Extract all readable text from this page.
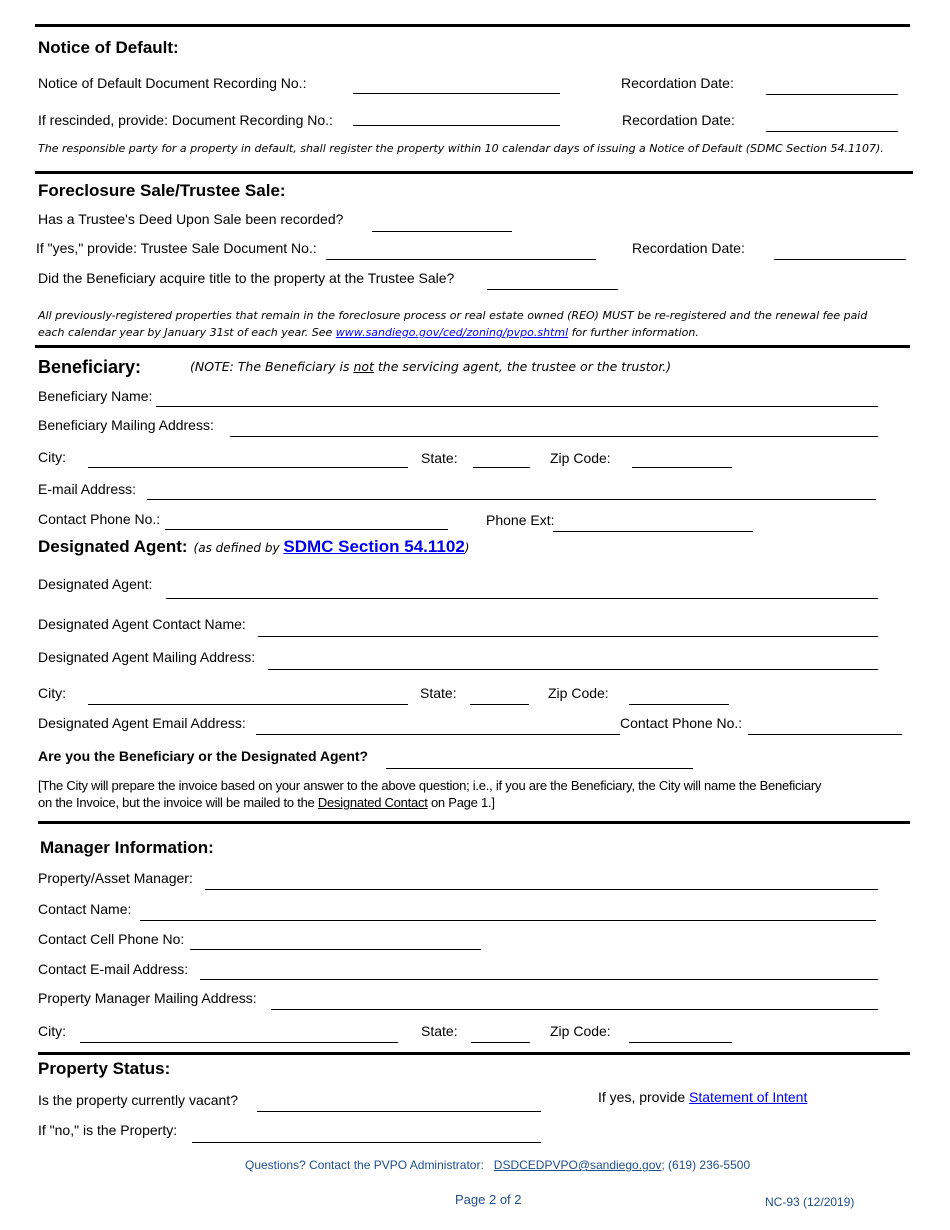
Notice of Default:
Notice of Default Document Recording No.:	Recordation Date:
If rescinded, provide: Document Recording No.:	Recordation Date:
The responsible party for a property in default, shall register the property within 10 calendar days of issuing a Notice of Default (SDMC Section 54.1107).
Foreclosure Sale/Trustee Sale:
Has a Trustee's Deed Upon Sale been recorded?
If "yes," provide: Trustee Sale Document No.:	Recordation Date:
Did the Beneficiary acquire title to the property at the Trustee Sale?
All previously-registered properties that remain in the foreclosure process or real estate owned (REO) MUST be re-registered and the renewal fee paid
each calendar year by January 31st of each year. See www.sandiego.gov/ced/zoning/pvpo.shtml for further information.
Beneficiary:	(NOTE: The Beneficiary is not the servicing agent, the trustee or the trustor.)
Beneficiary Name:
Beneficiary Mailing Address:
City:	State:	Zip Code:
E-mail Address:
Contact Phone No.:	Phone Ext:
Designated Agent: (as defined by SDMC Section 54.1102)
Designated Agent:
Designated Agent Contact Name:
Designated Agent Mailing Address:
City:	State:	Zip Code:
Designated Agent Email Address:	Contact Phone No.:
Are you the Beneficiary or the Designated Agent?
[The City will prepare the invoice based on your answer to the above question; i.e., if you are the Beneficiary, the City will name the Beneficiary
on the Invoice, but the invoice will be mailed to the Designated Contact on Page 1.]
Manager Information:
Property/Asset Manager:
Contact Name:
Contact Cell Phone No:
Contact E-mail Address:
Property Manager Mailing Address:
City:	State:	Zip Code:
Property Status:
Is the property currently vacant?	If yes, provide Statement of Intent
If "no," is the Property:
Questions? Contact the PVPO Administrator: DSDCEDPVPO@sandiego.gov; (619) 236-5500
Page 2 of 2	NC-93 (12/2019)
